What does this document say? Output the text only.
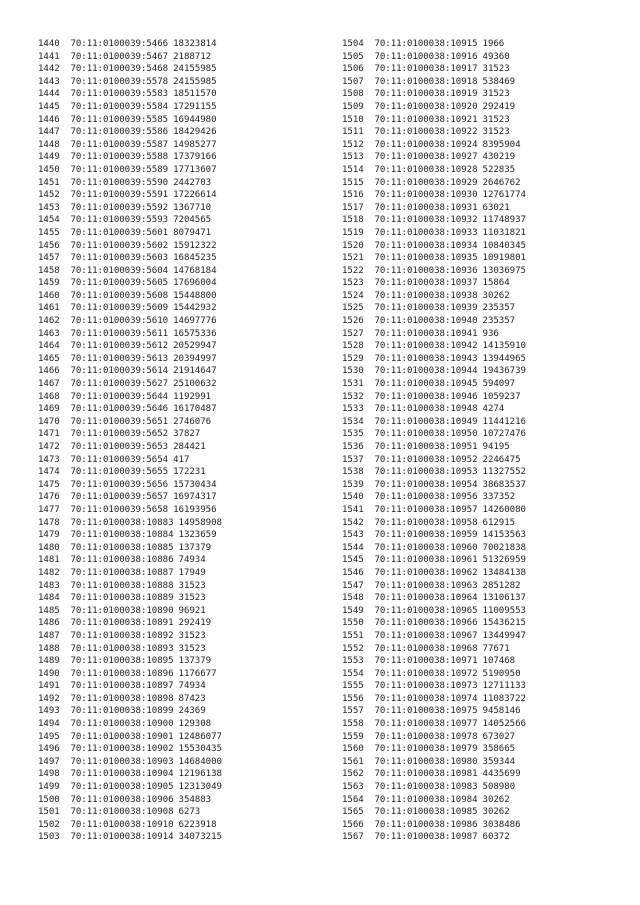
1440 70:11:0100039:5466 18323814
1441 70:11:0100039:5467 2188712
1442 70:11:0100039:5468 24155985
1443 70:11:0100039:5578 24155985
1444 70:11:0100039:5583 18511570
1445 70:11:0100039:5584 17291155
1446 70:11:0100039:5585 16944980
1447 70:11:0100039:5586 18429426
1448 70:11:0100039:5587 14985277
1449 70:11:0100039:5588 17379166
1450 70:11:0100039:5589 17713607
1451 70:11:0100039:5590 2442703
1452 70:11:0100039:5591 17226614
1453 70:11:0100039:5592 1367710
1454 70:11:0100039:5593 7204565
1455 70:11:0100039:5601 8079471
1456 70:11:0100039:5602 15912322
1457 70:11:0100039:5603 16845235
1458 70:11:0100039:5604 14768184
1459 70:11:0100039:5605 17696004
1460 70:11:0100039:5608 15448800
1461 70:11:0100039:5609 15442932
1462 70:11:0100039:5610 14697776
1463 70:11:0100039:5611 16575336
1464 70:11:0100039:5612 20529947
1465 70:11:0100039:5613 20394997
1466 70:11:0100039:5614 21914647
1467 70:11:0100039:5627 25100632
1468 70:11:0100039:5644 1192991
1469 70:11:0100039:5646 16170487
1470 70:11:0100039:5651 2746076
1471 70:11:0100039:5652 37827
1472 70:11:0100039:5653 284421
1473 70:11:0100039:5654 417
1474 70:11:0100039:5655 172231
1475 70:11:0100039:5656 15730434
1476 70:11:0100039:5657 16974317
1477 70:11:0100039:5658 16193956
1478 70:11:0100038:10883 14958908
1479 70:11:0100038:10884 1323659
1480 70:11:0100038:10885 137379
1481 70:11:0100038:10886 74934
1482 70:11:0100038:10887 17949
1483 70:11:0100038:10888 31523
1484 70:11:0100038:10889 31523
1485 70:11:0100038:10890 96921
1486 70:11:0100038:10891 292419
1487 70:11:0100038:10892 31523
1488 70:11:0100038:10893 31523
1489 70:11:0100038:10895 137379
1490 70:11:0100038:10896 1176677
1491 70:11:0100038:10897 74934
1492 70:11:0100038:10898 87423
1493 70:11:0100038:10899 24369
1494 70:11:0100038:10900 129308
1495 70:11:0100038:10901 12486077
1496 70:11:0100038:10902 15530435
1497 70:11:0100038:10903 14684000
1498 70:11:0100038:10904 12196138
1499 70:11:0100038:10905 12313049
1500 70:11:0100038:10906 354883
1501 70:11:0100038:10908 6273
1502 70:11:0100038:10910 6223918
1503 70:11:0100038:10914 34073215
1504 70:11:0100038:10915 1966
1505 70:11:0100038:10916 49360
1506 70:11:0100038:10917 31523
1507 70:11:0100038:10918 538469
1508 70:11:0100038:10919 31523
1509 70:11:0100038:10920 292419
1510 70:11:0100038:10921 31523
1511 70:11:0100038:10922 31523
1512 70:11:0100038:10924 8395904
1513 70:11:0100038:10927 430219
1514 70:11:0100038:10928 522835
1515 70:11:0100038:10929 2646762
1516 70:11:0100038:10930 12761774
1517 70:11:0100038:10931 63021
1518 70:11:0100038:10932 11748937
1519 70:11:0100038:10933 11031821
1520 70:11:0100038:10934 10840345
1521 70:11:0100038:10935 10919801
1522 70:11:0100038:10936 13036975
1523 70:11:0100038:10937 15864
1524 70:11:0100038:10938 30262
1525 70:11:0100038:10939 235357
1526 70:11:0100038:10940 235357
1527 70:11:0100038:10941 936
1528 70:11:0100038:10942 14135910
1529 70:11:0100038:10943 13944965
1530 70:11:0100038:10944 19436739
1531 70:11:0100038:10945 594097
1532 70:11:0100038:10946 1059237
1533 70:11:0100038:10948 4274
1534 70:11:0100038:10949 11441216
1535 70:11:0100038:10950 10727476
1536 70:11:0100038:10951 94195
1537 70:11:0100038:10952 2246475
1538 70:11:0100038:10953 11327552
1539 70:11:0100038:10954 38683537
1540 70:11:0100038:10956 337352
1541 70:11:0100038:10957 14260080
1542 70:11:0100038:10958 612915
1543 70:11:0100038:10959 14153563
1544 70:11:0100038:10960 70021838
1545 70:11:0100038:10961 51326959
1546 70:11:0100038:10962 13484138
1547 70:11:0100038:10963 2851282
1548 70:11:0100038:10964 13106137
1549 70:11:0100038:10965 11009553
1550 70:11:0100038:10966 15436215
1551 70:11:0100038:10967 13449947
1552 70:11:0100038:10968 77671
1553 70:11:0100038:10971 107468
1554 70:11:0100038:10972 5190950
1555 70:11:0100038:10973 12711133
1556 70:11:0100038:10974 11083722
1557 70:11:0100038:10975 9458146
1558 70:11:0100038:10977 14052566
1559 70:11:0100038:10978 673027
1560 70:11:0100038:10979 358665
1561 70:11:0100038:10980 359344
1562 70:11:0100038:10981 4435699
1563 70:11:0100038:10983 508980
1564 70:11:0100038:10984 30262
1565 70:11:0100038:10985 30262
1566 70:11:0100038:10986 3038486
1567 70:11:0100038:10987 60372
